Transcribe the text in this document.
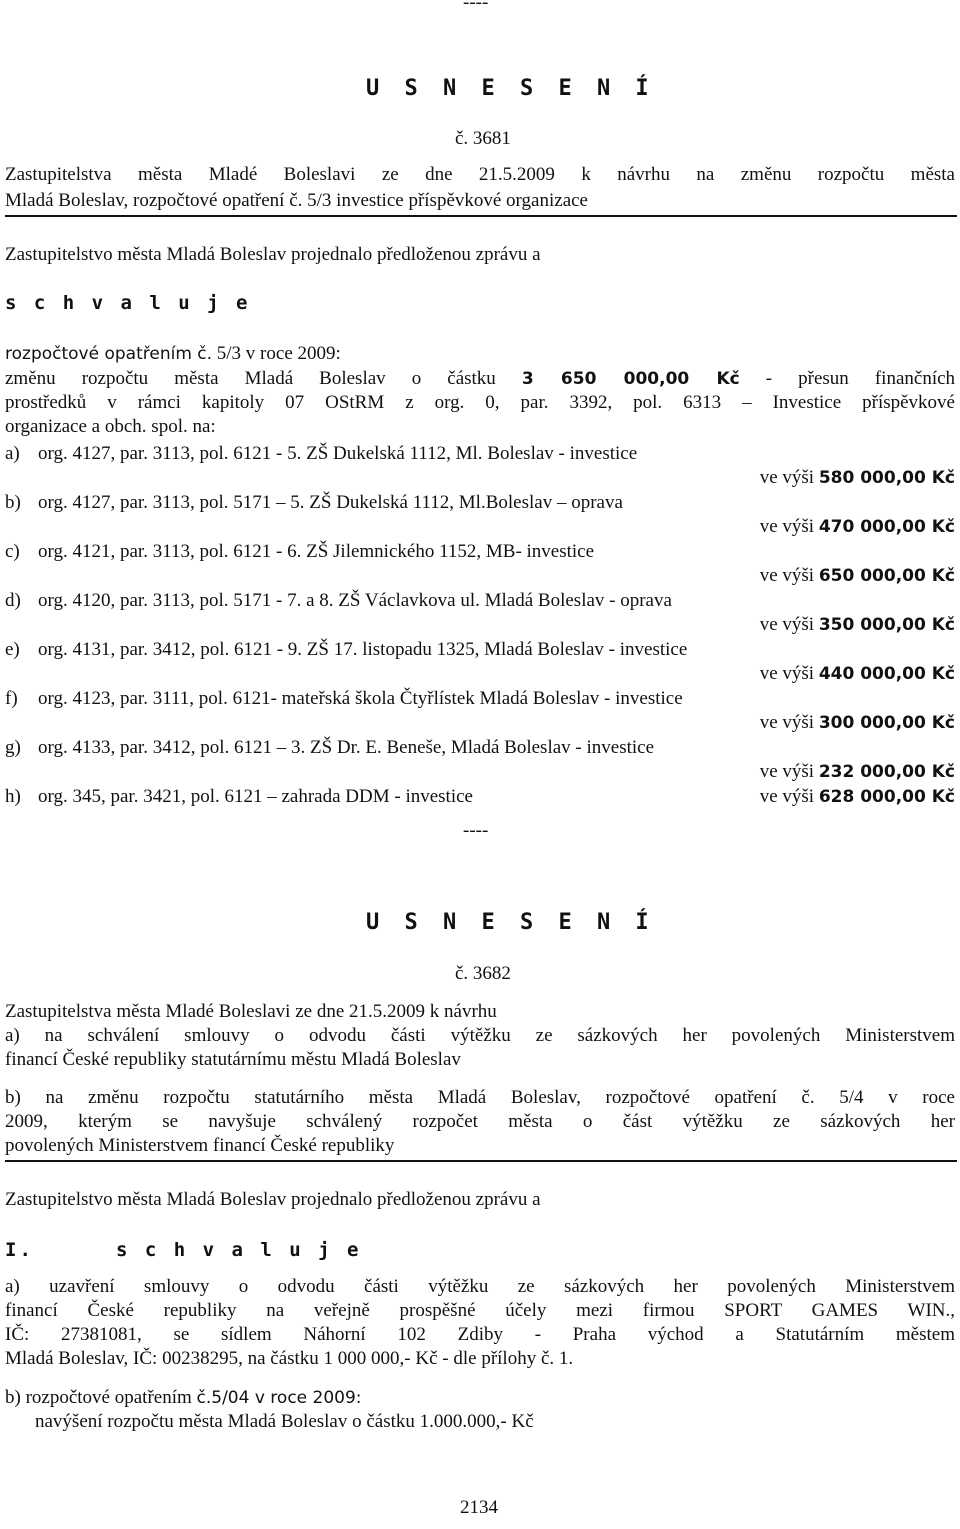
----
U S N E S E N Í
č. 3681
Zastupitelstva města Mladé Boleslavi ze dne 21.5.2009 k návrhu na změnu rozpočtu města
Mladá Boleslav, rozpočtové opatření č. 5/3 investice příspěvkové organizace
Zastupitelstvo města Mladá Boleslav projednalo předloženou zprávu a
s c h v a l u j e
rozpočtové opatřením č. 5/3 v roce 2009:
změnu rozpočtu města Mladá Boleslav o částku 3 650 000,00 Kč - přesun finančních
prostředků v rámci kapitoly 07 OStRM z org. 0, par. 3392, pol. 6313 – Investice příspěvkové
organizace a obch. spol. na:
a) org. 4127, par. 3113, pol. 6121 - 5. ZŠ Dukelská 1112, Ml. Boleslav - investice
ve výši 580 000,00 Kč
b) org. 4127, par. 3113, pol. 5171 – 5. ZŠ Dukelská 1112, Ml.Boleslav – oprava
ve výši 470 000,00 Kč
c) org. 4121, par. 3113, pol. 6121 - 6. ZŠ Jilemnického 1152, MB- investice
ve výši 650 000,00 Kč
d) org. 4120, par. 3113, pol. 5171 - 7. a 8. ZŠ Václavkova ul. Mladá Boleslav - oprava
ve výši 350 000,00 Kč
e) org. 4131, par. 3412, pol. 6121 - 9. ZŠ 17. listopadu 1325, Mladá Boleslav - investice
ve výši 440 000,00 Kč
f) org. 4123, par. 3111, pol. 6121- mateřská škola Čtyřlístek Mladá Boleslav - investice
ve výši 300 000,00 Kč
g) org. 4133, par. 3412, pol. 6121 – 3. ZŠ Dr. E. Beneše, Mladá Boleslav - investice
ve výši 232 000,00 Kč
h) org. 345, par. 3421, pol. 6121 – zahrada DDM - investice	ve výši 628 000,00 Kč
----
U S N E S E N Í
č. 3682
Zastupitelstva města Mladé Boleslavi ze dne 21.5.2009 k návrhu
a) na schválení smlouvy o odvodu části výtěžku ze sázkových her povolených Ministerstvem
financí České republiky statutárnímu městu Mladá Boleslav
b) na změnu rozpočtu statutárního města Mladá Boleslav, rozpočtové opatření č. 5/4 v roce
2009, kterým se navyšuje schválený rozpočet města o část výtěžku ze sázkových her
povolených Ministerstvem financí České republiky
Zastupitelstvo města Mladá Boleslav projednalo předloženou zprávu a
I.	s c h v a l u j e
a) uzavření smlouvy o odvodu části výtěžku ze sázkových her povolených Ministerstvem
financí České republiky na veřejně prospěšné účely mezi firmou SPORT GAMES WIN.,
IČ: 27381081, se sídlem Náhorní 102 Zdiby - Praha východ a Statutárním městem
Mladá Boleslav, IČ: 00238295, na částku 1 000 000,- Kč - dle přílohy č. 1.
b) rozpočtové opatřením č.5/04 v roce 2009:
navýšení rozpočtu města Mladá Boleslav o částku 1.000.000,- Kč
2134
